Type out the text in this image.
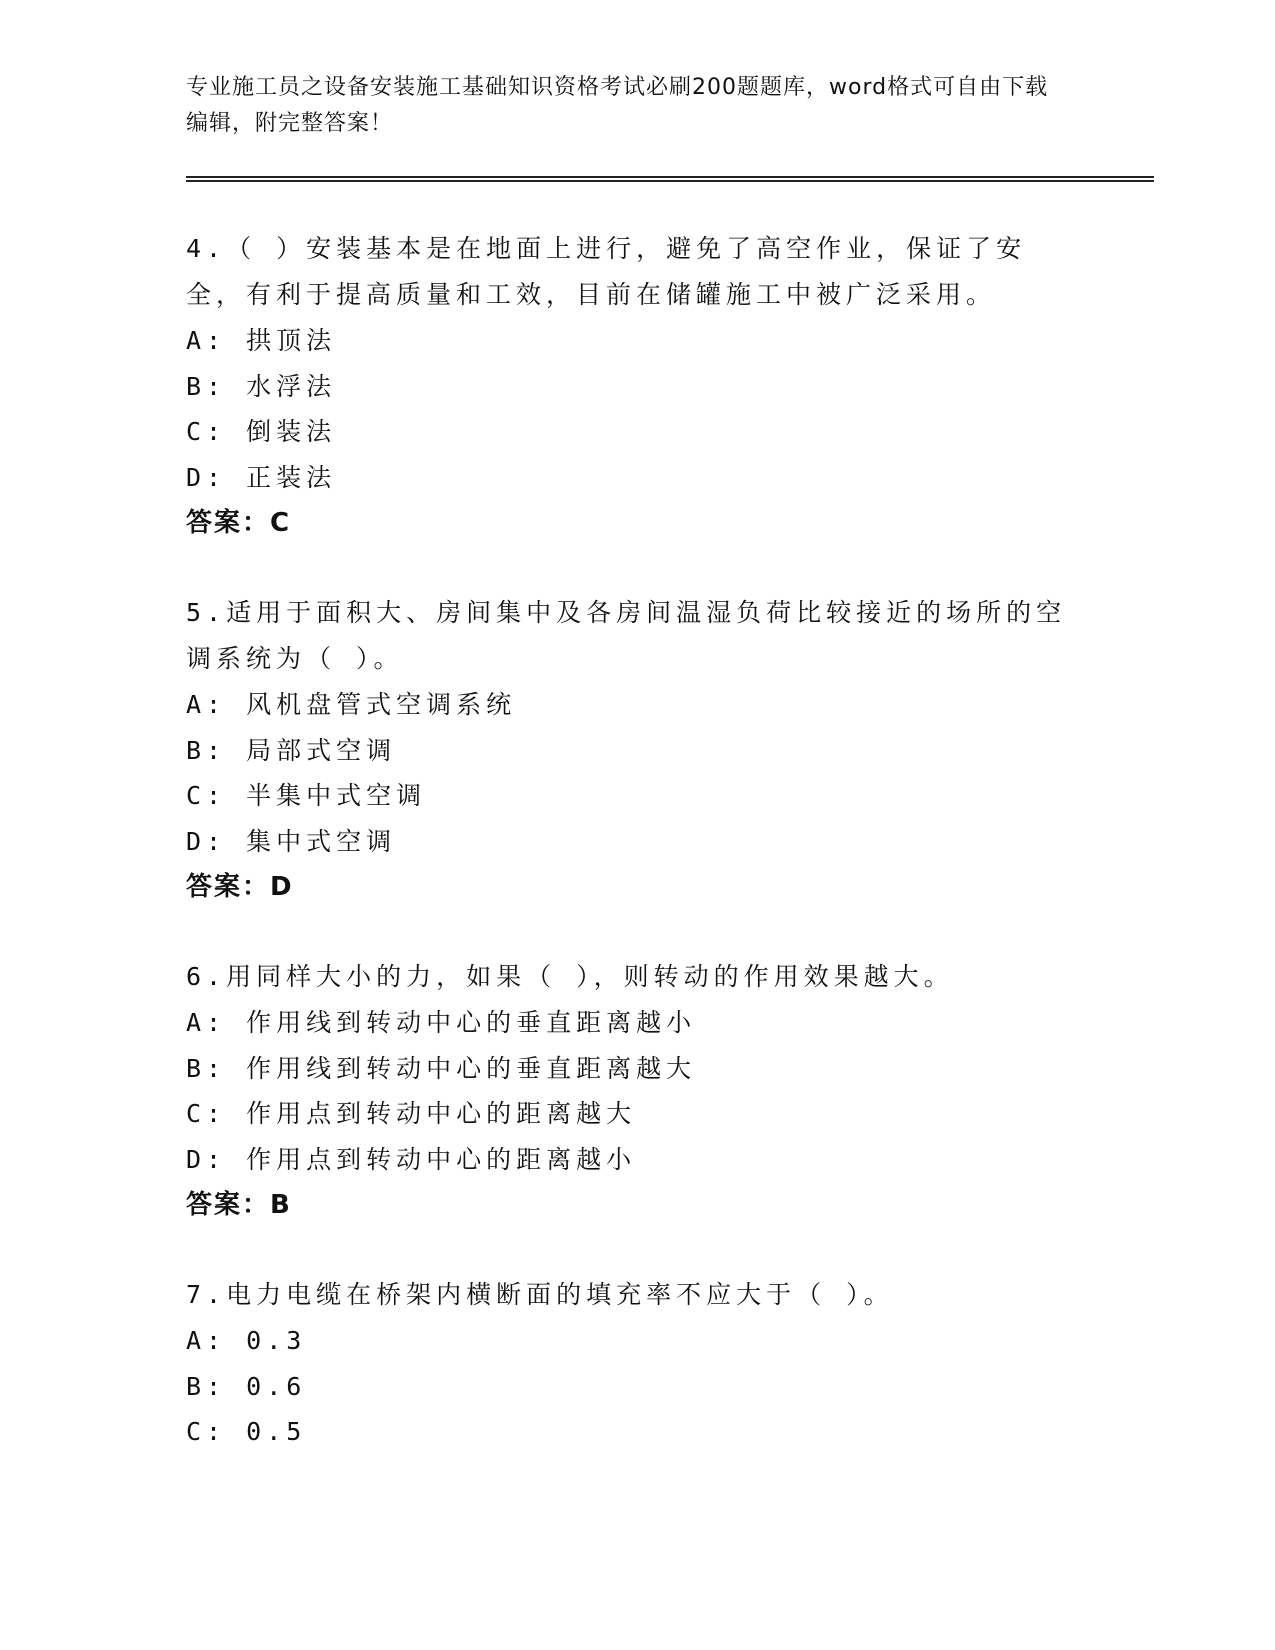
专业施工员之设备安装施工基础知识资格考试必刷200题题库，word格式可自由下载编辑，附完整答案！
4.（ ）安装基本是在地面上进行，避免了高空作业，保证了安全，有利于提高质量和工效，目前在储罐施工中被广泛采用。
A: 拱顶法
B: 水浮法
C: 倒装法
D: 正装法
答案：C
5.适用于面积大、房间集中及各房间温湿负荷比较接近的场所的空调系统为（ ）。
A: 风机盘管式空调系统
B: 局部式空调
C: 半集中式空调
D: 集中式空调
答案：D
6.用同样大小的力，如果（ ），则转动的作用效果越大。
A: 作用线到转动中心的垂直距离越小
B: 作用线到转动中心的垂直距离越大
C: 作用点到转动中心的距离越大
D: 作用点到转动中心的距离越小
答案：B
7.电力电缆在桥架内横断面的填充率不应大于（ ）。
A: 0.3
B: 0.6
C: 0.5
